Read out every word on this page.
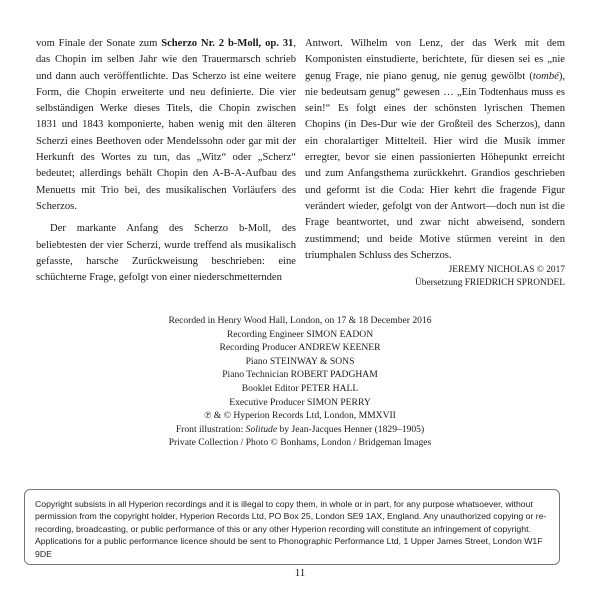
vom Finale der Sonate zum Scherzo Nr. 2 b-Moll, op. 31, das Chopin im selben Jahr wie den Trauermarsch schrieb und dann auch veröffentlichte. Das Scherzo ist eine weitere Form, die Chopin erweiterte und neu definierte. Die vier selbständigen Werke dieses Titels, die Chopin zwischen 1831 und 1843 komponierte, haben wenig mit den älteren Scherzi eines Beethoven oder Mendelssohn oder gar mit der Herkunft des Wortes zu tun, das „Witz“ oder „Scherz“ bedeutet; allerdings behält Chopin den A-B-A-Aufbau des Menuetts mit Trio bei, des musikalischen Vorläufers des Scherzos.

Der markante Anfang des Scherzo b-Moll, des beliebtesten der vier Scherzi, wurde treffend als musikalisch gefasste, harsche Zurückweisung beschrieben: eine schüchterne Frage, gefolgt von einer niederschmetternden

Antwort. Wilhelm von Lenz, der das Werk mit dem Komponisten einstudierte, berichtete, für diesen sei es „nie genug Frage, nie piano genug, nie genug gewölbt (tombé), nie bedeutsam genug“ gewesen … „Ein Todtenhaus muss es sein!“ Es folgt eines der schönsten lyrischen Themen Chopins (in Des-Dur wie der Großteil des Scherzos), dann ein choralartiger Mittelteil. Hier wird die Musik immer erregter, bevor sie einen passionierten Höhepunkt erreicht und zum Anfangsthema zurückkehrt. Grandios geschrieben und geformt ist die Coda: Hier kehrt die fragende Figur verändert wieder, gefolgt von der Antwort—doch nun ist die Frage beantwortet, und zwar nicht abweisend, sondern zustimmend; und beide Motive stürmen vereint in den triumphalen Schluss des Scherzos.

JEREMY NICHOLAS © 2017
Übersetzung FRIEDRICH SPRONDEL
Recorded in Henry Wood Hall, London, on 17 & 18 December 2016
Recording Engineer SIMON EADON
Recording Producer ANDREW KEENER
Piano STEINWAY & SONS
Piano Technician ROBERT PADGHAM
Booklet Editor PETER HALL
Executive Producer SIMON PERRY
℗ & © Hyperion Records Ltd, London, MMXVII
Front illustration: Solitude by Jean-Jacques Henner (1829–1905)
Private Collection / Photo © Bonhams, London / Bridgeman Images
Copyright subsists in all Hyperion recordings and it is illegal to copy them, in whole or in part, for any purpose whatsoever, without permission from the copyright holder, Hyperion Records Ltd, PO Box 25, London SE9 1AX, England. Any unauthorized copying or re-recording, broadcasting, or public performance of this or any other Hyperion recording will constitute an infringement of copyright. Applications for a public performance licence should be sent to Phonographic Performance Ltd, 1 Upper James Street, London W1F 9DE
11
